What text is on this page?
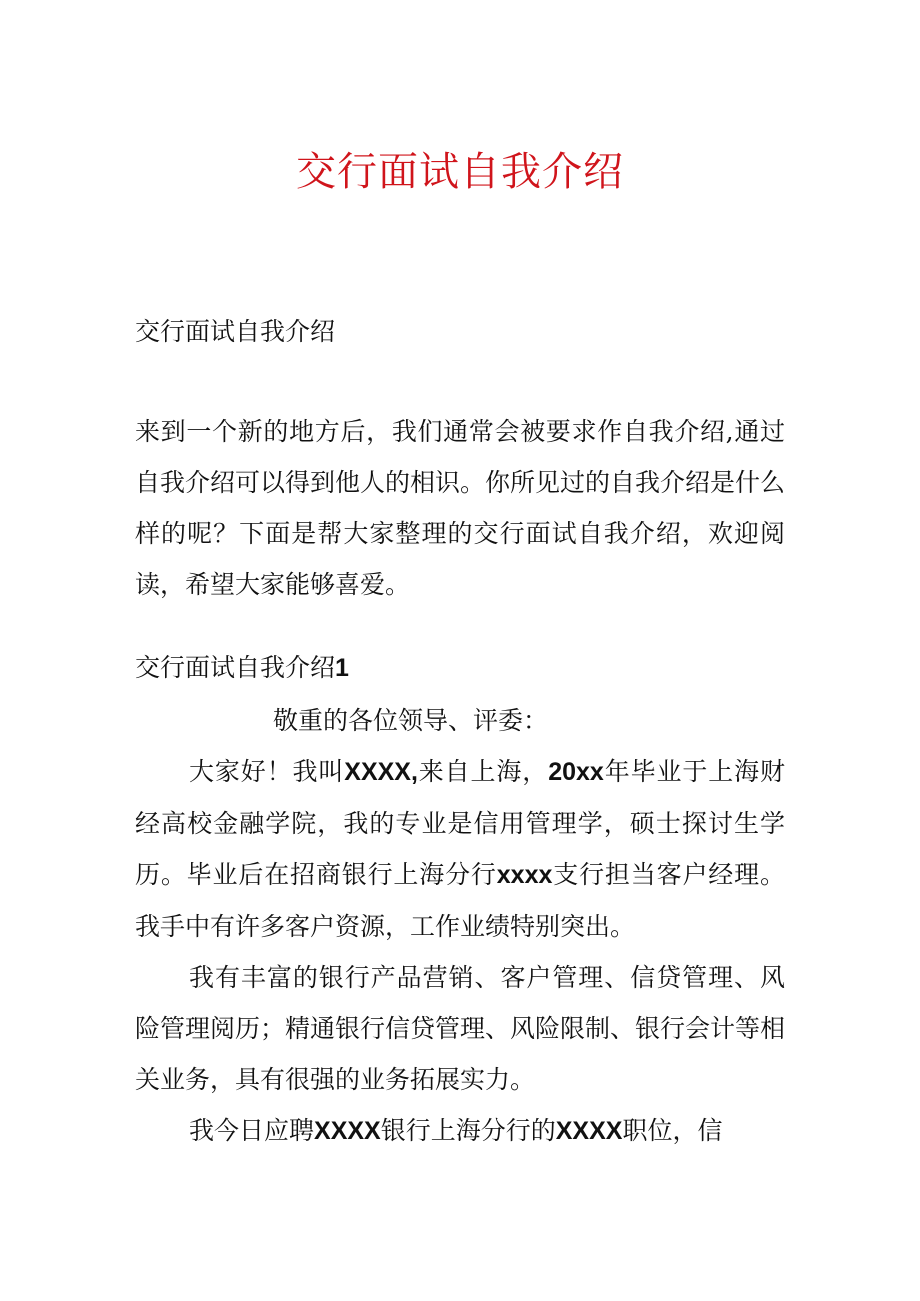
交行面试自我介绍
交行面试自我介绍
来到一个新的地方后，我们通常会被要求作自我介绍,通过自我介绍可以得到他人的相识。你所见过的自我介绍是什么样的呢？下面是帮大家整理的交行面试自我介绍，欢迎阅读，希望大家能够喜爱。
交行面试自我介绍1

敬重的各位领导、评委：

大家好！我叫XXXX,来自上海，20xx年毕业于上海财经高校金融学院，我的专业是信用管理学，硕士探讨生学历。毕业后在招商银行上海分行xxxx支行担当客户经理。我手中有许多客户资源，工作业绩特别突出。

我有丰富的银行产品营销、客户管理、信贷管理、风险管理阅历；精通银行信贷管理、风险限制、银行会计等相关业务，具有很强的业务拓展实力。

我今日应聘XXXX银行上海分行的XXXX职位，信
